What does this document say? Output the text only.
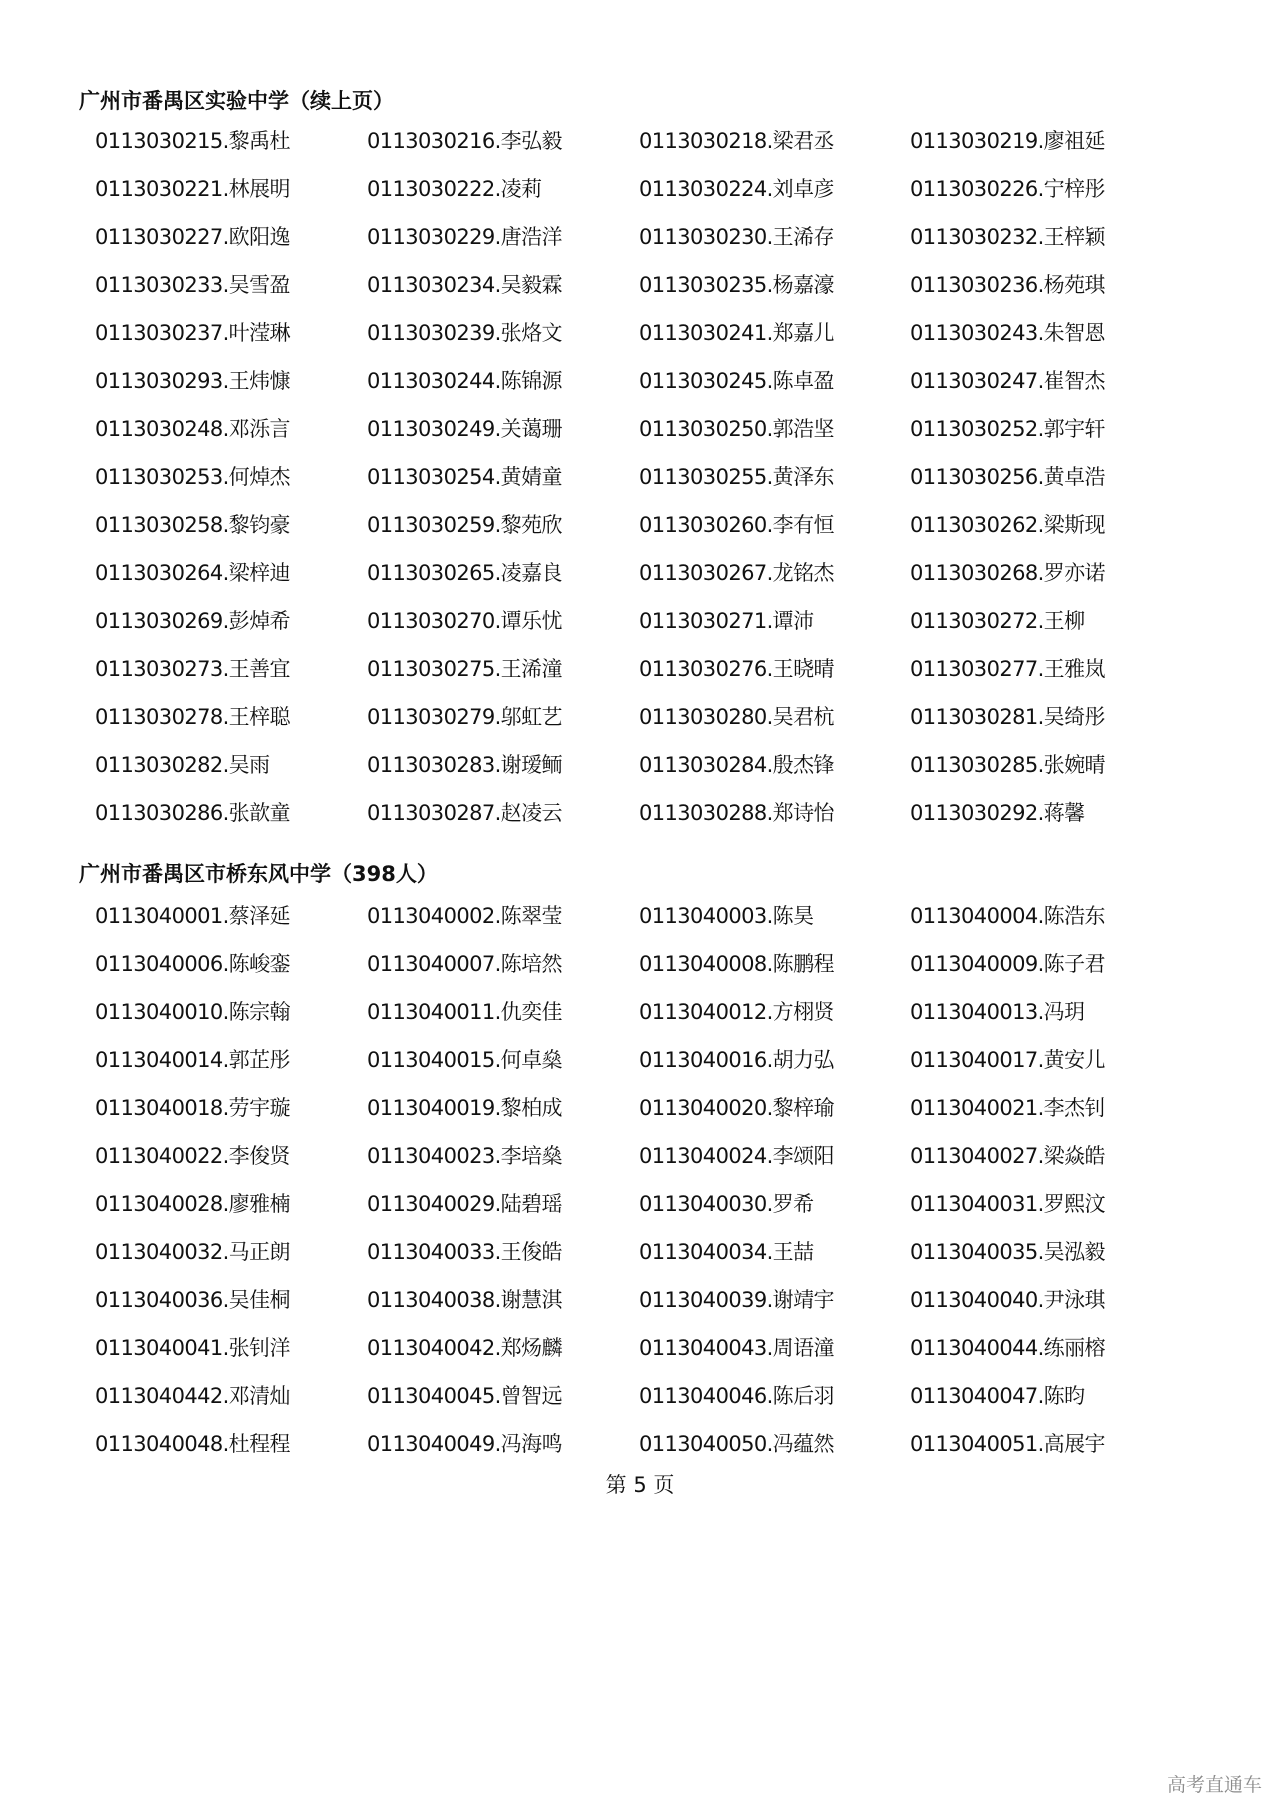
广州市番禺区实验中学（续上页）
0113030215.黎禹杜	0113030216.李弘毅	0113030218.梁君丞	0113030219.廖祖延
0113030221.林展明	0113030222.凌莉	0113030224.刘卓彦	0113030226.宁梓彤
0113030227.欧阳逸	0113030229.唐浩洋	0113030230.王浠存	0113030232.王梓颖
0113030233.吴雪盈	0113030234.吴毅霖	0113030235.杨嘉濠	0113030236.杨苑琪
0113030237.叶滢琳	0113030239.张烙文	0113030241.郑嘉儿	0113030243.朱智恩
0113030293.王炜慷	0113030244.陈锦源	0113030245.陈卓盈	0113030247.崔智杰
0113030248.邓泺言	0113030249.关蔼珊	0113030250.郭浩坚	0113030252.郭宇轩
0113030253.何焯杰	0113030254.黄婧童	0113030255.黄泽东	0113030256.黄卓浩
0113030258.黎钧豪	0113030259.黎苑欣	0113030260.李有恒	0113030262.梁斯现
0113030264.梁梓迪	0113030265.凌嘉良	0113030267.龙铭杰	0113030268.罗亦诺
0113030269.彭焯希	0113030270.谭乐忧	0113030271.谭沛	0113030272.王柳
0113030273.王善宜	0113030275.王浠潼	0113030276.王晓晴	0113030277.王雅岚
0113030278.王梓聪	0113030279.邬虹艺	0113030280.吴君杭	0113030281.吴绮彤
0113030282.吴雨	0113030283.谢瑷鲕	0113030284.殷杰锋	0113030285.张婉晴
0113030286.张歆童	0113030287.赵凌云	0113030288.郑诗怡	0113030292.蒋馨
广州市番禺区市桥东风中学（398人）
0113040001.蔡泽延	0113040002.陈翠莹	0113040003.陈昊	0113040004.陈浩东
0113040006.陈峻銮	0113040007.陈培然	0113040008.陈鹏程	0113040009.陈子君
0113040010.陈宗翰	0113040011.仇奕佳	0113040012.方栩贤	0113040013.冯玥
0113040014.郭芷彤	0113040015.何卓燊	0113040016.胡力弘	0113040017.黄安儿
0113040018.劳宇璇	0113040019.黎柏成	0113040020.黎梓瑜	0113040021.李杰钊
0113040022.李俊贤	0113040023.李培燊	0113040024.李颂阳	0113040027.梁焱皓
0113040028.廖雅楠	0113040029.陆碧瑶	0113040030.罗希	0113040031.罗熙汶
0113040032.马正朗	0113040033.王俊皓	0113040034.王喆	0113040035.吴泓毅
0113040036.吴佳桐	0113040038.谢慧淇	0113040039.谢靖宇	0113040040.尹泳琪
0113040041.张钊洋	0113040042.郑炀麟	0113040043.周语潼	0113040044.练丽榕
0113040442.邓清灿	0113040045.曾智远	0113040046.陈后羽	0113040047.陈昀
0113040048.杜程程	0113040049.冯海鸣	0113040050.冯蕴然	0113040051.高展宇
第 5 页
高考直通车
